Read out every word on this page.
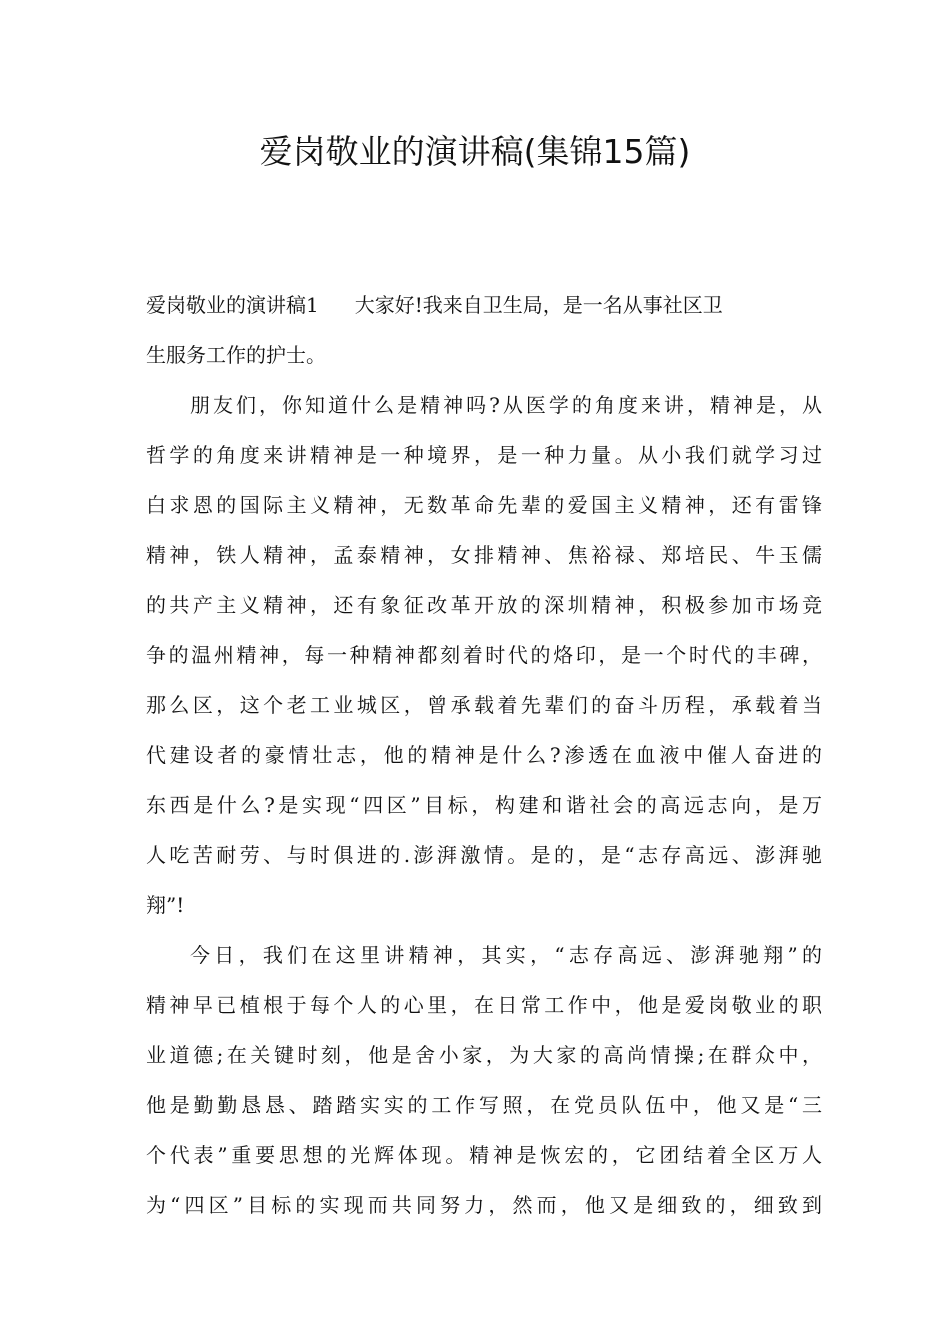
爱岗敬业的演讲稿(集锦15篇)
爱岗敬业的演讲稿1 大家好!我来自卫生局，是一名从事社区卫
生服务工作的护士。
朋友们，你知道什么是精神吗?从医学的角度来讲，精神是，从
哲学的角度来讲精神是一种境界，是一种力量。从小我们就学习过
白求恩的国际主义精神，无数革命先辈的爱国主义精神，还有雷锋
精神，铁人精神，孟泰精神，女排精神、焦裕禄、郑培民、牛玉儒
的共产主义精神，还有象征改革开放的深圳精神，积极参加市场竞
争的温州精神，每一种精神都刻着时代的烙印，是一个时代的丰碑，
那么区，这个老工业城区，曾承载着先辈们的奋斗历程，承载着当
代建设者的豪情壮志，他的精神是什么?渗透在血液中催人奋进的
东西是什么?是实现“四区”目标，构建和谐社会的高远志向，是万
人吃苦耐劳、与时俱进的.澎湃激情。是的，是“志存高远、澎湃驰
翔”!
今日，我们在这里讲精神，其实，“志存高远、澎湃驰翔”的
精神早已植根于每个人的心里，在日常工作中，他是爱岗敬业的职
业道德;在关键时刻，他是舍小家，为大家的高尚情操;在群众中，
他是勤勤恳恳、踏踏实实的工作写照，在党员队伍中，他又是“三
个代表”重要思想的光辉体现。精神是恢宏的，它团结着全区万人
为“四区”目标的实现而共同努力，然而，他又是细致的，细致到
